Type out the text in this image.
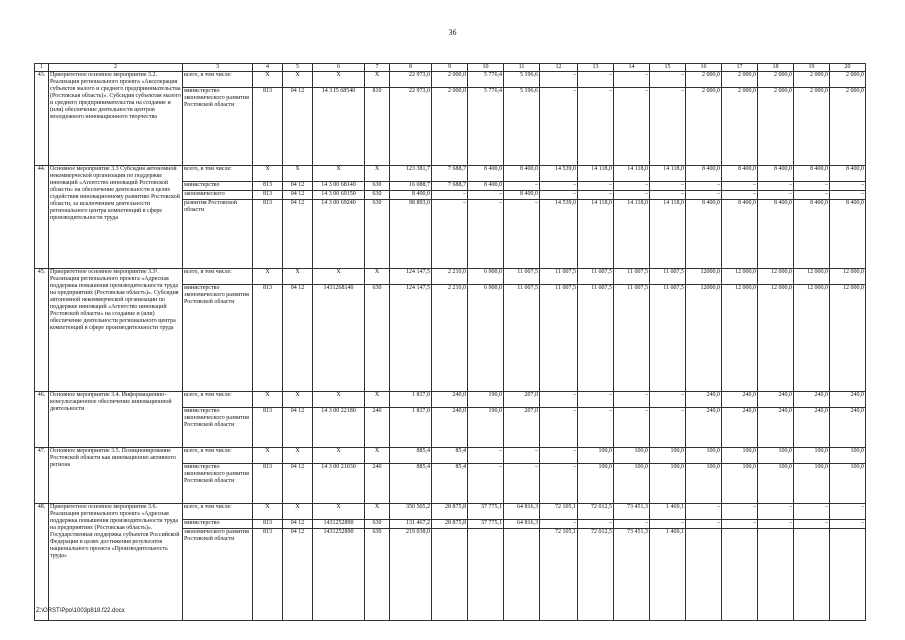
36
1	2	3	4	5	6	7	8	9	10	11	12	13	14	15	16	17	18	19	20
43.	Приоритетное основное мероприятие 3.2. Реализация регионального проекта «Акселерация субъектов малого и среднего предпринимательства (Ростовская область)». Субсидия субъектам малого и среднего предпринимательства на создание и (или) обеспечение деятельности центров молодежного инновационного творчества	всего, в том числе:	X	X	X	X	22 973,0	2 000,0	5 776,4	5 196,6	–	–	–	–	2 000,0	2 000,0	2 000,0	2 000,0	2 000,0
		министерство экономического развития Ростовской области	813	04 12	14 3 I5 68540	810	22 973,0	2 000,0	5 776,4	5 196,6	–	–	–	–	2 000,0	2 000,0	2 000,0	2 000,0	2 000,0
44.	Основное мероприятие 3.3 Субсидия автономной некоммерческой организации по поддержке инноваций «Агентство инноваций Ростовской области» на обеспечение деятельности в целях содействия инновационному развитию Ростовской области, за исключением деятельности регионального центра компетенций в сфере производительности труда	всего, в том числе:	X	X	X	X	123 381,7	7 688,7	8 400,0	8 400,0	14 539,0	14 118,0	14 118,0	14 118,0	8 400,0	8 400,0	8 400,0	8 400,0	8 400,0
		министерство	813	04 12	14 3 00 68140	630	16 088,7	7 688,7	8 400,0	–	–	–	–	–	–	–	–	–	–
		экономического	813	04 12	14 3 00 69150	630	8 400,0	–	–	8 400,0	–	–	–	–	–	–	–	–	–
		развития Ростовской области	813	04 12	14 3 00 69240	630	98 893,0	–	–	–	14 539,0	14 118,0	14 118,0	14 118,0	8 400,0	8 400,0	8 400,0	8 400,0	8 400,0
45.	Приоритетное основное мероприятие 3.3¹. Реализация регионального проекта «Адресная поддержка повышения производительности труда на предприятиях (Ростовская область)». Субсидия автономной некоммерческой организации по поддержке инноваций «Агентство инноваций Ростовской области» на создание и (или) обеспечение деятельности регионального центра компетенций в сфере производительности труда	всего, в том числе:	X	X	X	X	124 147,5	2 210,0	6 900,0	11 007,5	11 007,5	11 007,5	11 007,5	11 007,5	12000,0	12 000,0	12 000,0	12 000,0	12 000,0
		министерство экономического развития Ростовской области	813	04 12	1431268140	630	124 147,5	2 210,0	6 900,0	11 007,5	11 007,5	11 007,5	11 007,5	11 007,5	12000,0	12 000,0	12 000,0	12 000,0	12 000,0
46.	Основное мероприятие 3.4. Информационно-консультационное обеспечение инновационной деятельности	всего, в том числе:	X	X	X	X	1 837,0	240,0	190,0	207,0	–	–	–	–	240,0	240,0	240,0	240,0	240,0
		министерство экономического развития Ростовской области	813	04 12	14 3 00 22180	240	1 837,0	240,0	190,0	207,0	–	–	–	–	240,0	240,0	240,0	240,0	240,0
47.	Основное мероприятие 3.5. Позиционирование Ростовской области как инновационно активного региона	всего, в том числе:	X	X	X	X	885,4	85,4	–	–	–	100,0	100,0	100,0	100,0	100,0	100,0	100,0	100,0
		министерство экономического развития Ростовской области	813	04 12	14 3 00 21030	240	885,4	85,4	–	–	–	100,0	100,0	100,0	100,0	100,0	100,0	100,0	100,0
48.	Приоритетное основное мероприятие 3.6. Реализация регионального проекта «Адресная поддержка повышения производительности труда на предприятиях (Ростовская область)». Государственная поддержка субъектов Российской Федерации в целях достижения результатов национального проекта «Производительность труда»	всего, в том числе:	X	X	X	X	350 505,2	28 875,8	37 775,1	64 816,3	72 105,1	72 012,5	73 451,3	1 469,1	–	–	–	–	–
		министерство	813	04 12	1431252890	630	131 467,2	28 875,8	37 775,1	64 816,3	–	–	–	–	–	–	–	–	–
		экономического развития Ростовской области	813	04 12	1431252890	630	219 038,0				72 105,1	72 012,5	73 451,3	1 469,1					
Z:\ORST\Ppo\1003p818.f22.docx
